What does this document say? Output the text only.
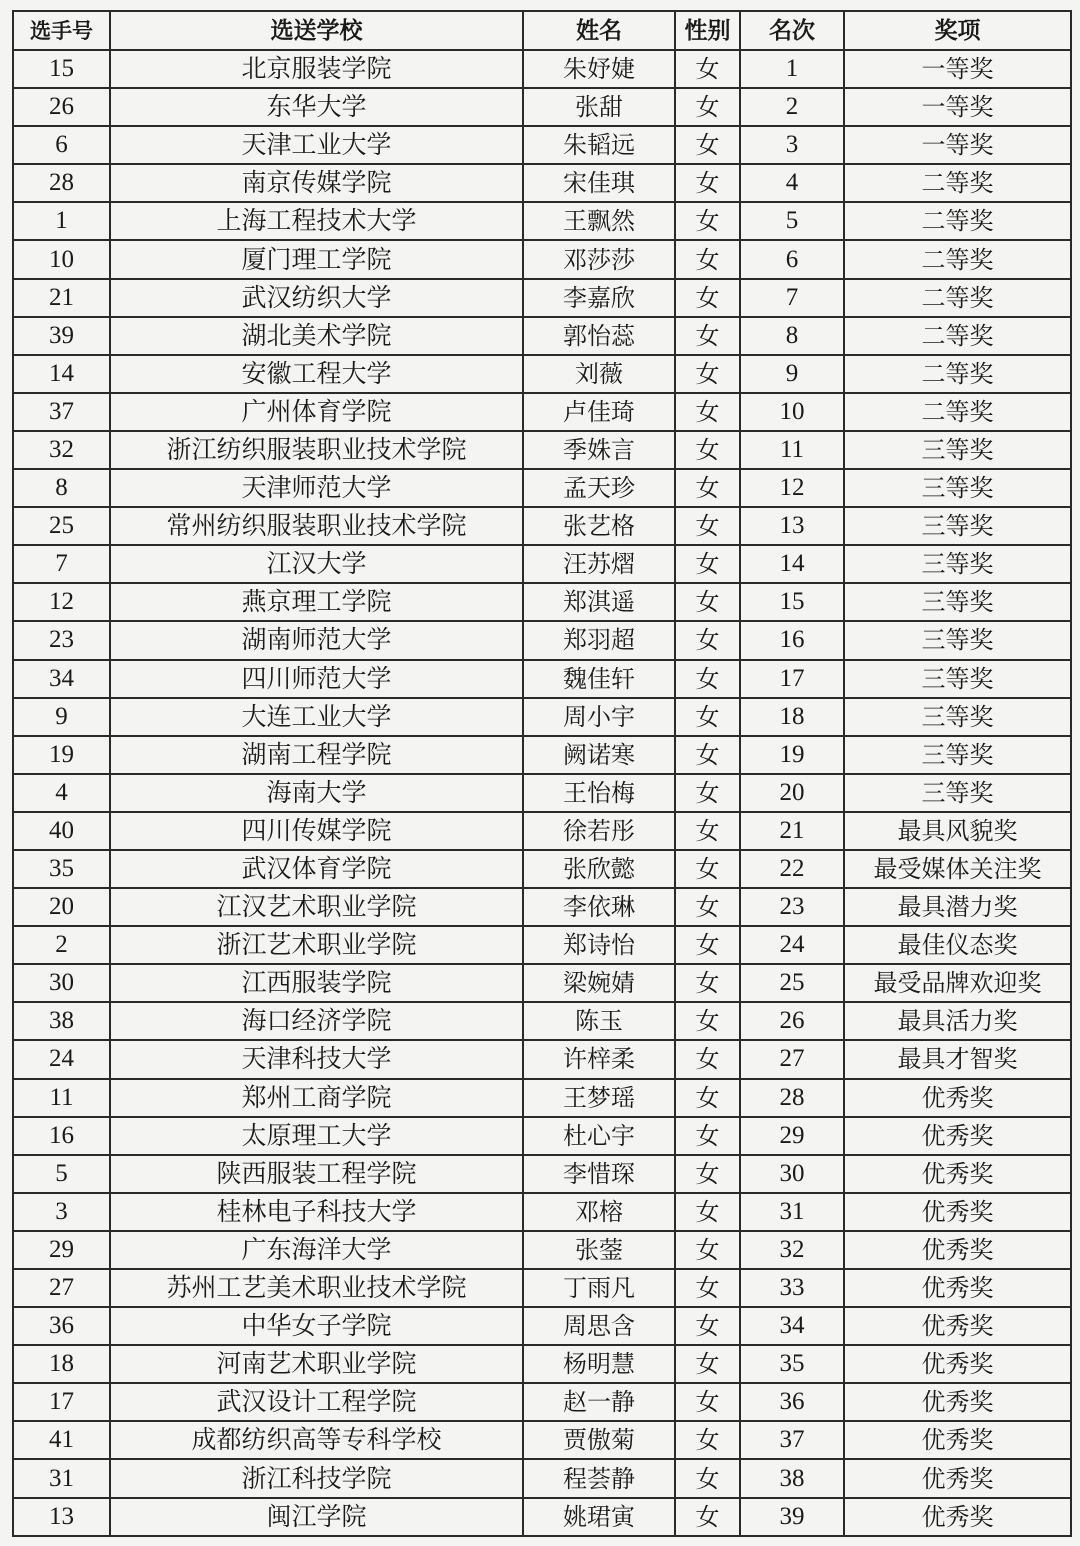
选手号	选送学校	姓名	性别	名次	奖项
15	北京服装学院	朱妤婕	女	1	一等奖
26	东华大学	张甜	女	2	一等奖
6	天津工业大学	朱韬远	女	3	一等奖
28	南京传媒学院	宋佳琪	女	4	二等奖
1	上海工程技术大学	王飘然	女	5	二等奖
10	厦门理工学院	邓莎莎	女	6	二等奖
21	武汉纺织大学	李嘉欣	女	7	二等奖
39	湖北美术学院	郭怡蕊	女	8	二等奖
14	安徽工程大学	刘薇	女	9	二等奖
37	广州体育学院	卢佳琦	女	10	二等奖
32	浙江纺织服装职业技术学院	季姝言	女	11	三等奖
8	天津师范大学	孟天珍	女	12	三等奖
25	常州纺织服装职业技术学院	张艺格	女	13	三等奖
7	江汉大学	汪苏熠	女	14	三等奖
12	燕京理工学院	郑淇遥	女	15	三等奖
23	湖南师范大学	郑羽超	女	16	三等奖
34	四川师范大学	魏佳轩	女	17	三等奖
9	大连工业大学	周小宇	女	18	三等奖
19	湖南工程学院	阙诺寒	女	19	三等奖
4	海南大学	王怡梅	女	20	三等奖
40	四川传媒学院	徐若彤	女	21	最具风貌奖
35	武汉体育学院	张欣懿	女	22	最受媒体关注奖
20	江汉艺术职业学院	李依琳	女	23	最具潜力奖
2	浙江艺术职业学院	郑诗怡	女	24	最佳仪态奖
30	江西服装学院	梁婉婧	女	25	最受品牌欢迎奖
38	海口经济学院	陈玉	女	26	最具活力奖
24	天津科技大学	许梓柔	女	27	最具才智奖
11	郑州工商学院	王梦瑶	女	28	优秀奖
16	太原理工大学	杜心宇	女	29	优秀奖
5	陕西服装工程学院	李惜琛	女	30	优秀奖
3	桂林电子科技大学	邓榕	女	31	优秀奖
29	广东海洋大学	张蓥	女	32	优秀奖
27	苏州工艺美术职业技术学院	丁雨凡	女	33	优秀奖
36	中华女子学院	周思含	女	34	优秀奖
18	河南艺术职业学院	杨明慧	女	35	优秀奖
17	武汉设计工程学院	赵一静	女	36	优秀奖
41	成都纺织高等专科学校	贾傲菊	女	37	优秀奖
31	浙江科技学院	程荟静	女	38	优秀奖
13	闽江学院	姚珺寅	女	39	优秀奖
